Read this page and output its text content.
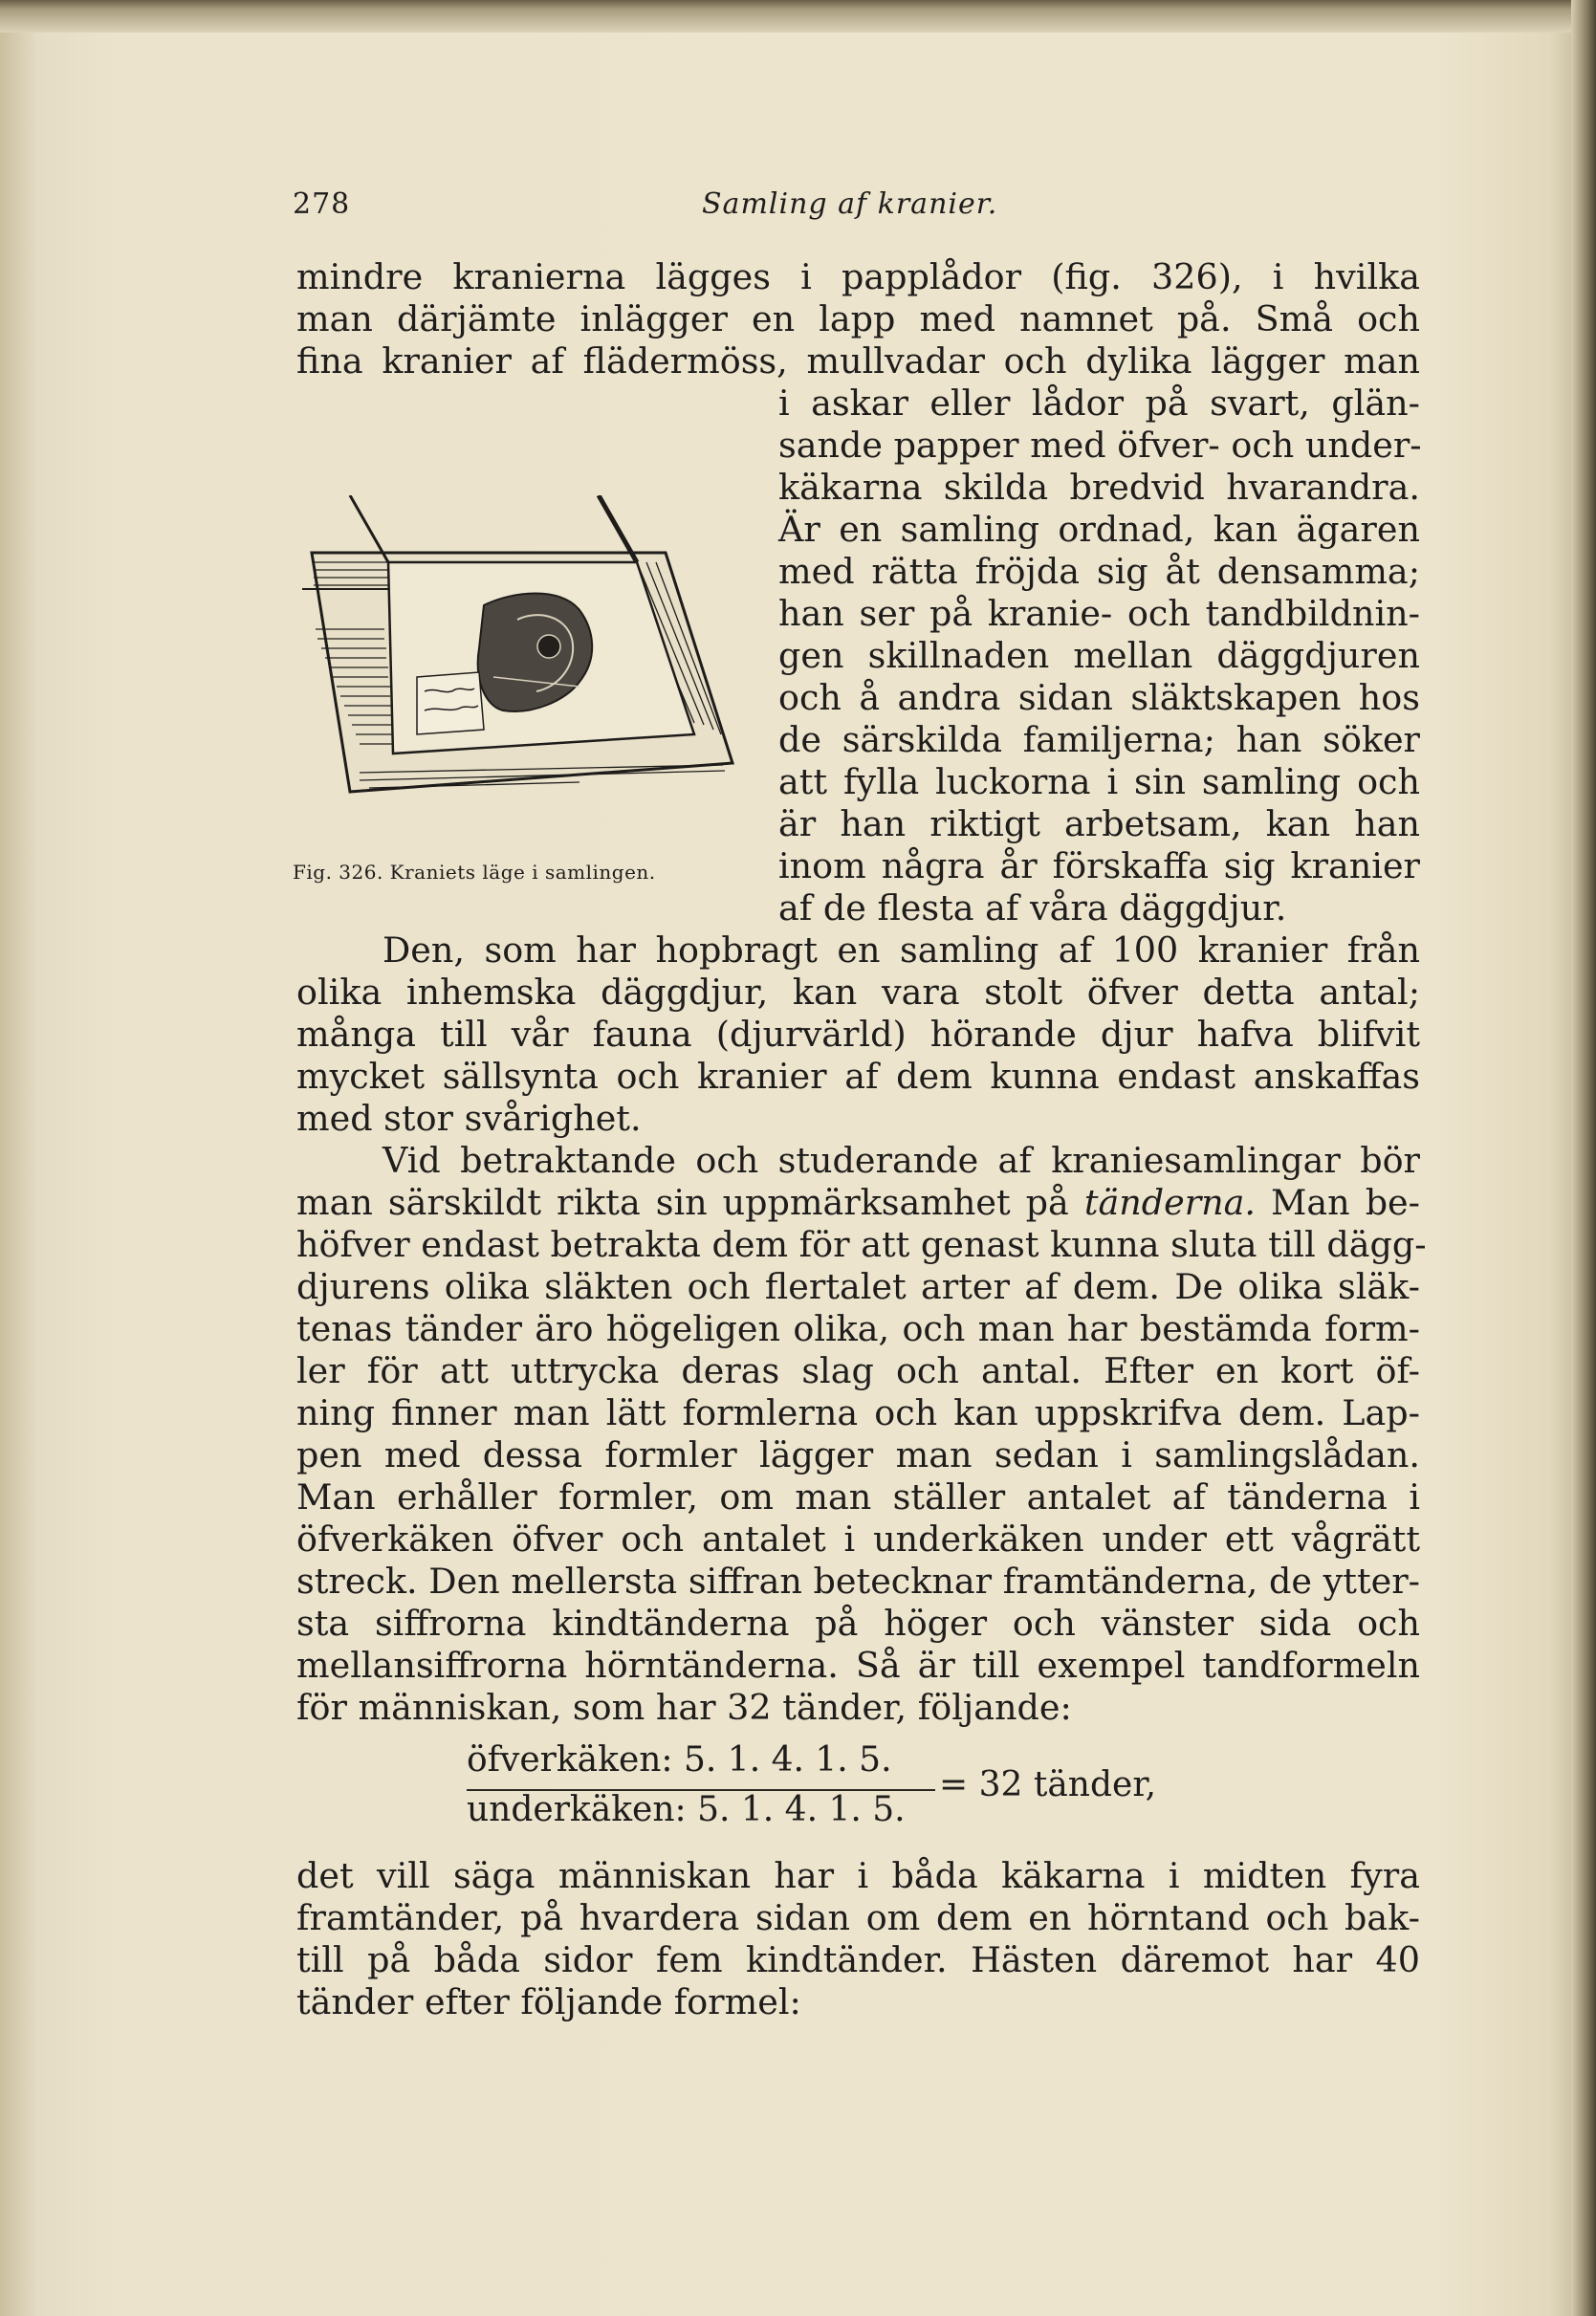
278	Samling af kranier.
mindre kranierna lägges i papplådor (fig. 326), i hvilka
man därjämte inlägger en lapp med namnet på. Små och
fina kranier af flädermöss, mullvadar och dylika lägger man
i askar eller lådor på svart, glän-
sande papper med öfver- och under-
käkarna skilda bredvid hvarandra.
Är en samling ordnad, kan ägaren
med rätta fröjda sig åt densamma;
han ser på kranie- och tandbildnin-
gen skillnaden mellan däggdjuren
och å andra sidan släktskapen hos
de särskilda familjerna; han söker
att fylla luckorna i sin samling och
är han riktigt arbetsam, kan han
inom några år förskaffa sig kranier
af de flesta af våra däggdjur.
Fig. 326. Kraniets läge i samlingen.
Den, som har hopbragt en samling af 100 kranier från
olika inhemska däggdjur, kan vara stolt öfver detta antal;
många till vår fauna (djurvärld) hörande djur hafva blifvit
mycket sällsynta och kranier af dem kunna endast anskaffas
med stor svårighet.
Vid betraktande och studerande af kraniesamlingar bör
man särskildt rikta sin uppmärksamhet på tänderna. Man be-
höfver endast betrakta dem för att genast kunna sluta till dägg-
djurens olika släkten och flertalet arter af dem. De olika släk-
tenas tänder äro högeligen olika, och man har bestämda form-
ler för att uttrycka deras slag och antal. Efter en kort öf-
ning finner man lätt formlerna och kan uppskrifva dem. Lap-
pen med dessa formler lägger man sedan i samlingslådan.
Man erhåller formler, om man ställer antalet af tänderna i
öfverkäken öfver och antalet i underkäken under ett vågrätt
streck. Den mellersta siffran betecknar framtänderna, de ytter-
sta siffrorna kindtänderna på höger och vänster sida och
mellansiffrorna hörntänderna. Så är till exempel tandformeln
för människan, som har 32 tänder, följande:
öfverkäken: 5. 1. 4. 1. 5.
underkäken: 5. 1. 4. 1. 5.
= 32 tänder,
det vill säga människan har i båda käkarna i midten fyra
framtänder, på hvardera sidan om dem en hörntand och bak-
till på båda sidor fem kindtänder. Hästen däremot har 40
tänder efter följande formel:
